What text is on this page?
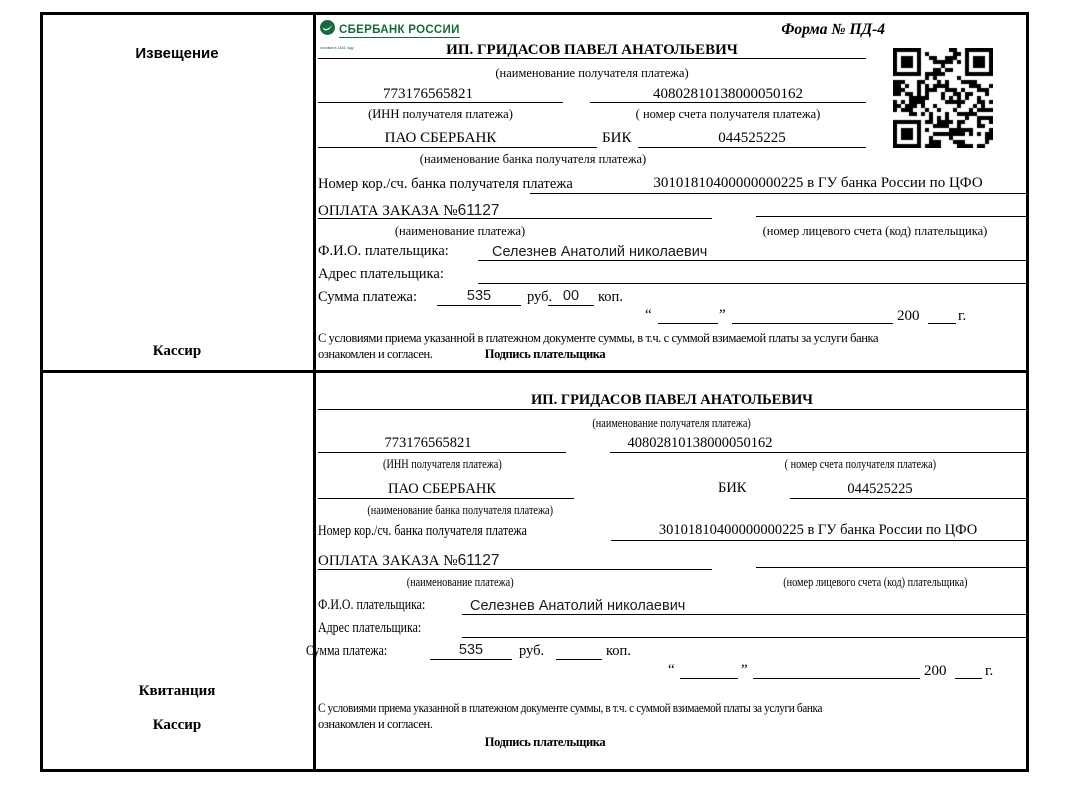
Извещение
Кассир
СБЕРБАНК РОССИИ
основан в 1841 году
Форма № ПД-4
ИП. ГРИДАСОВ ПАВЕЛ АНАТОЛЬЕВИЧ
(наименование получателя платежа)
773176565821	40802810138000050162
(ИНН получателя платежа)	( номер счета получателя платежа)
ПАО СБЕРБАНК	БИК	044525225
(наименование банка получателя платежа)
Номер кор./сч. банка получателя платежа	30101810400000000225 в ГУ банка России по ЦФО
ОПЛАТА ЗАКАЗА №61127
(наименование платежа)	(номер лицевого счета (код) плательщика)
Ф.И.О. плательщика:	Селезнев Анатолий николаевич
Адрес плательщика:
Сумма платежа:	535	руб. 00	коп.
“	”	200	г.
С условиями приема указанной в платежном документе суммы, в т.ч. с суммой взимаемой платы за услуги банка
ознакомлен и согласен.	Подпись плательщика
Квитанция
Кассир
ИП. ГРИДАСОВ ПАВЕЛ АНАТОЛЬЕВИЧ
(наименование получателя платежа)
773176565821	40802810138000050162
(ИНН получателя платежа)	( номер счета получателя платежа)
ПАО СБЕРБАНК	БИК	044525225
(наименование банка получателя платежа)
Номер кор./сч. банка получателя платежа	30101810400000000225 в ГУ банка России по ЦФО
ОПЛАТА ЗАКАЗА №61127
(наименование платежа)	(номер лицевого счета (код) плательщика)
Ф.И.О. плательщика:	Селезнев Анатолий николаевич
Адрес плательщика:
Сумма платежа:	535	руб.	коп.
“	”	200	г.
С условиями приема указанной в платежном документе суммы, в т.ч. с суммой взимаемой платы за услуги банка
ознакомлен и согласен.
Подпись плательщика
